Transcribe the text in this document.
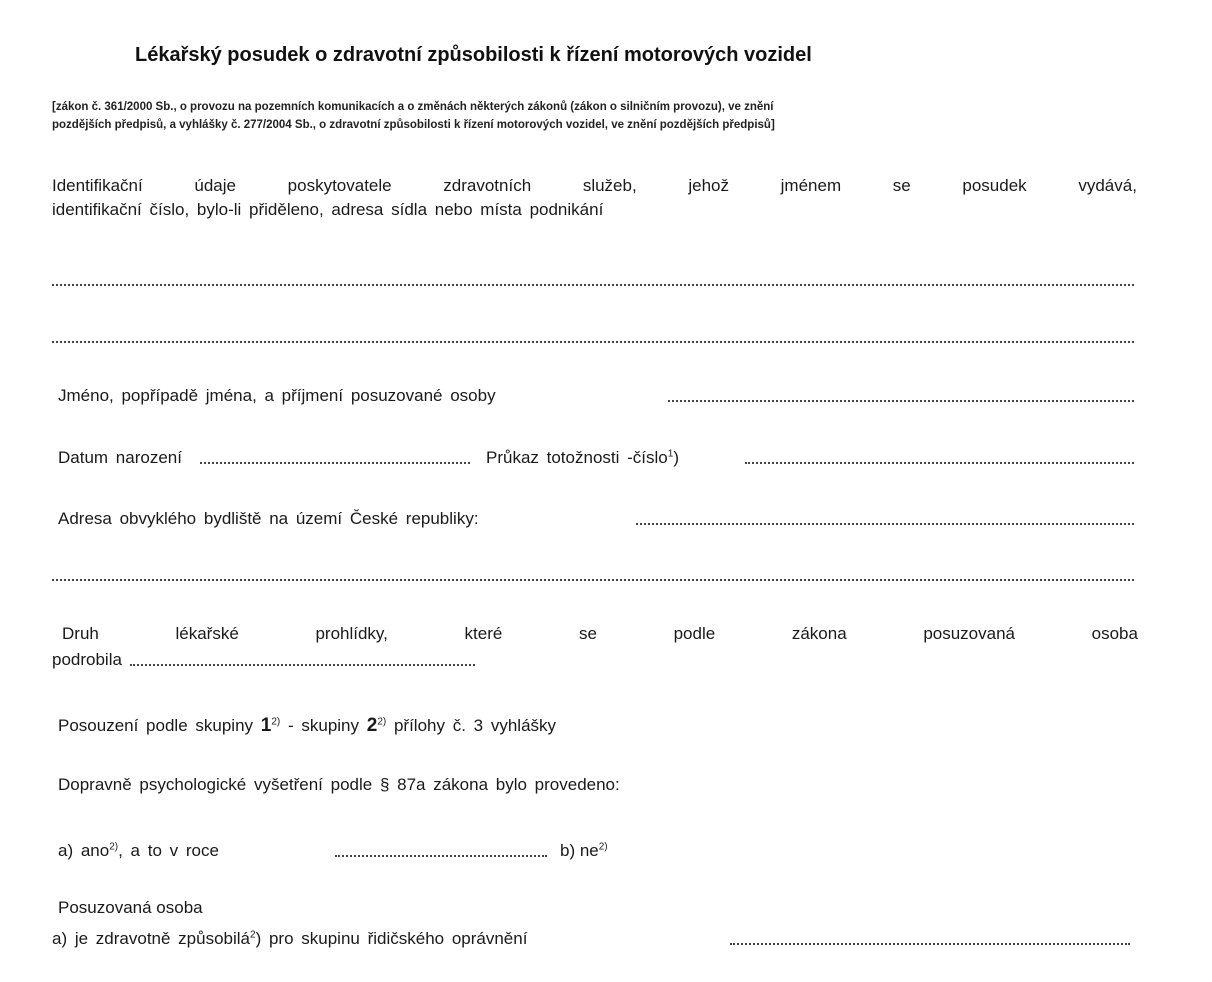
Lékařský posudek o zdravotní způsobilosti k řízení motorových vozidel
[zákon č. 361/2000 Sb., o provozu na pozemních komunikacích a o změnách některých zákonů (zákon o silničním provozu), ve znění
pozdějších předpisů, a vyhlášky č. 277/2004 Sb., o zdravotní způsobilosti k řízení motorových vozidel, ve znění pozdějších předpisů]
Identifikační	údaje	poskytovatele	zdravotních	služeb,	jehož	jménem	se	posudek	vydává,
identifikační číslo, bylo-li přiděleno, adresa sídla nebo místa podnikání
Jméno, popřípadě jména, a příjmení posuzované osoby
Datum narození	Průkaz totožnosti -číslo$^1$)
Adresa obvyklého bydliště na území České republiky:
Druh	lékařské	prohlídky,	které	se	podle	zákona	posuzovaná	osoba
podrobila
Posouzení podle skupiny 1$^{2)}$ - skupiny 2$^{2)}$ přílohy č. 3 vyhlášky
Dopravně psychologické vyšetření podle § 87a zákona bylo provedeno:
a) ano$^{2)}$, a to v roce	b) $ne^{2)}$
Posuzovaná osoba
a) je zdravotně způsobilá$^2$) pro skupinu řidičského oprávnění
